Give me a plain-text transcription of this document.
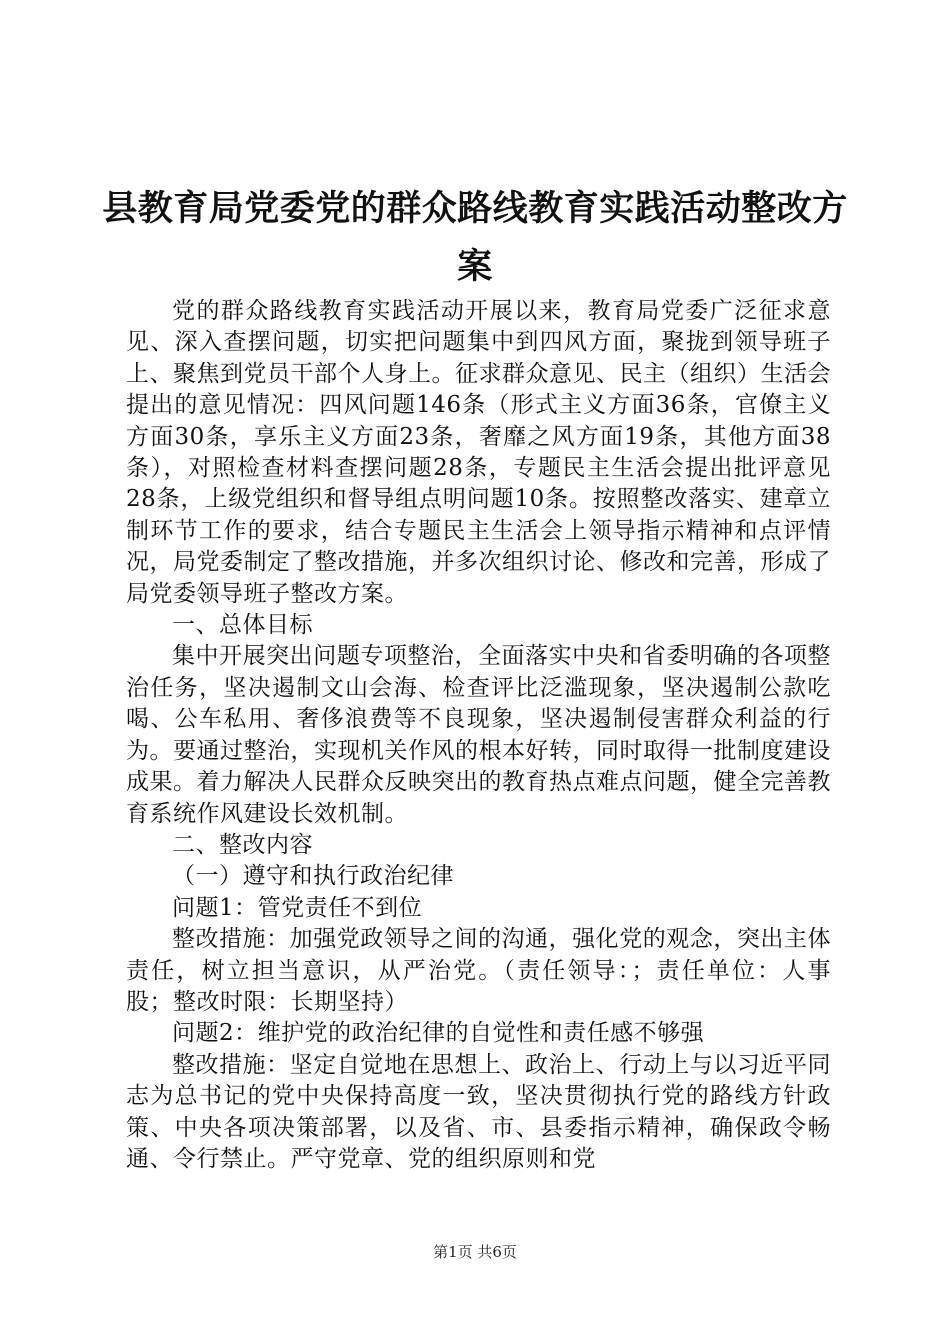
县教育局党委党的群众路线教育实践活动整改方案

党的群众路线教育实践活动开展以来，教育局党委广泛征求意见、深入查摆问题，切实把问题集中到四风方面，聚拢到领导班子上、聚焦到党员干部个人身上。征求群众意见、民主（组织）生活会提出的意见情况：四风问题146条（形式主义方面36条，官僚主义方面30条，享乐主义方面23条，奢靡之风方面19条，其他方面38条），对照检查材料查摆问题28条，专题民主生活会提出批评意见28条，上级党组织和督导组点明问题10条。按照整改落实、建章立制环节工作的要求，结合专题民主生活会上领导指示精神和点评情况，局党委制定了整改措施，并多次组织讨论、修改和完善，形成了局党委领导班子整改方案。

一、总体目标

集中开展突出问题专项整治，全面落实中央和省委明确的各项整治任务，坚决遏制文山会海、检查评比泛滥现象，坚决遏制公款吃喝、公车私用、奢侈浪费等不良现象，坚决遏制侵害群众利益的行为。要通过整治，实现机关作风的根本好转，同时取得一批制度建设成果。着力解决人民群众反映突出的教育热点难点问题，健全完善教育系统作风建设长效机制。

二、整改内容

（一）遵守和执行政治纪律

问题1：管党责任不到位

整改措施：加强党政领导之间的沟通，强化党的观念，突出主体责任，树立担当意识，从严治党。（责任领导：；责任单位：人事股；整改时限：长期坚持）

问题2：维护党的政治纪律的自觉性和责任感不够强

整改措施：坚定自觉地在思想上、政治上、行动上与以习近平同志为总书记的党中央保持高度一致，坚决贯彻执行党的路线方针政策、中央各项决策部署，以及省、市、县委指示精神，确保政令畅通、令行禁止。严守党章、党的组织原则和党

第1页 共6页
